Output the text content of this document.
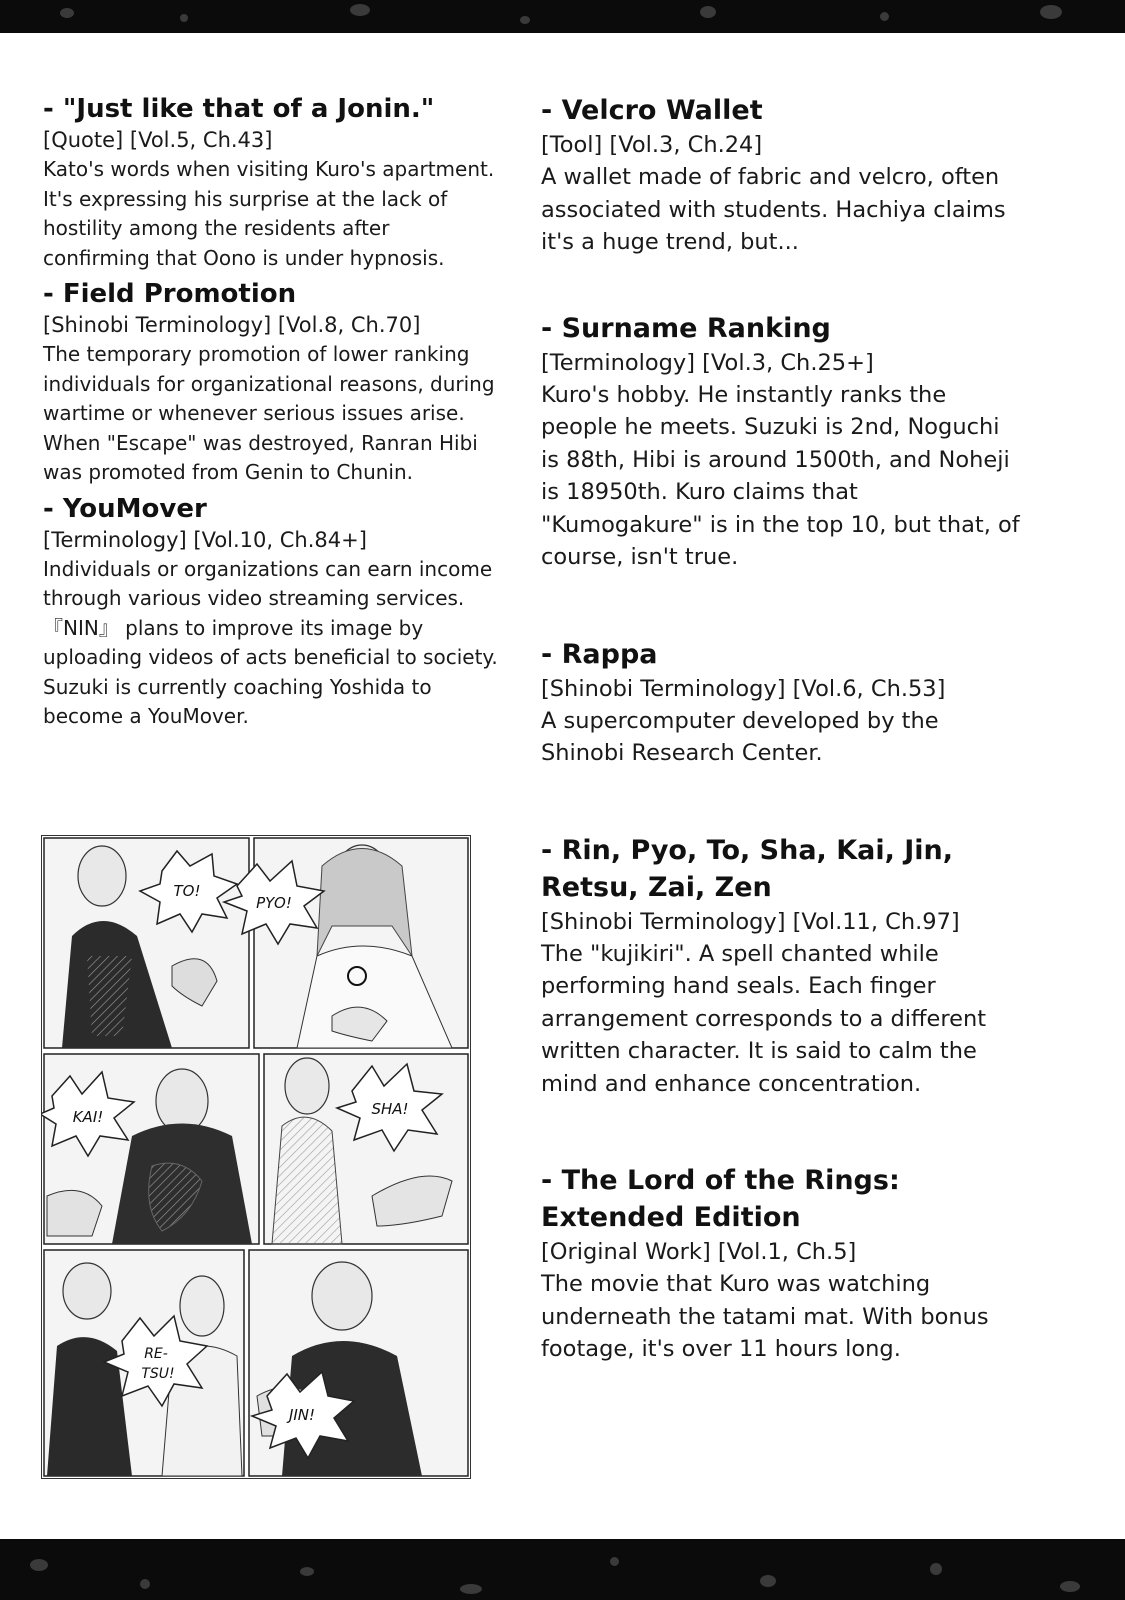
- "Just like that of a Jonin."

[Quote] [Vol.5, Ch.43]

Kato's words when visiting Kuro's apartment. It's expressing his surprise at the lack of hostility among the residents after confirming that Oono is under hypnosis.

- Field Promotion

[Shinobi Terminology] [Vol.8, Ch.70]

The temporary promotion of lower ranking individuals for organizational reasons, during wartime or whenever serious issues arise. When "Escape" was destroyed, Ranran Hibi was promoted from Genin to Chunin.

- YouMover

[Terminology] [Vol.10, Ch.84+]

Individuals or organizations can earn income through various video streaming services. 『NIN』 plans to improve its image by uploading videos of acts beneficial to society. Suzuki is currently coaching Yoshida to become a YouMover.

- Velcro Wallet

[Tool] [Vol.3, Ch.24]

A wallet made of fabric and velcro, often associated with students. Hachiya claims it's a huge trend, but...

- Surname Ranking

[Terminology] [Vol.3, Ch.25+]

Kuro's hobby. He instantly ranks the people he meets. Suzuki is 2nd, Noguchi is 88th, Hibi is around 1500th, and Noheji is 18950th. Kuro claims that "Kumogakure" is in the top 10, but that, of course, isn't true.

- Rappa

[Shinobi Terminology] [Vol.6, Ch.53]

A supercomputer developed by the Shinobi Research Center.

- Rin, Pyo, To, Sha, Kai, Jin, Retsu, Zai, Zen

[Shinobi Terminology] [Vol.11, Ch.97]

The "kujikiri". A spell chanted while performing hand seals. Each finger arrangement corresponds to a different written character. It is said to calm the mind and enhance concentration.

- The Lord of the Rings: Extended Edition

[Original Work] [Vol.1, Ch.5]

The movie that Kuro was watching underneath the tatami mat. With bonus footage, it's over 11 hours long.

TO!
PYO!
KAI!	SHA!
RE-
TSU!
JIN!
